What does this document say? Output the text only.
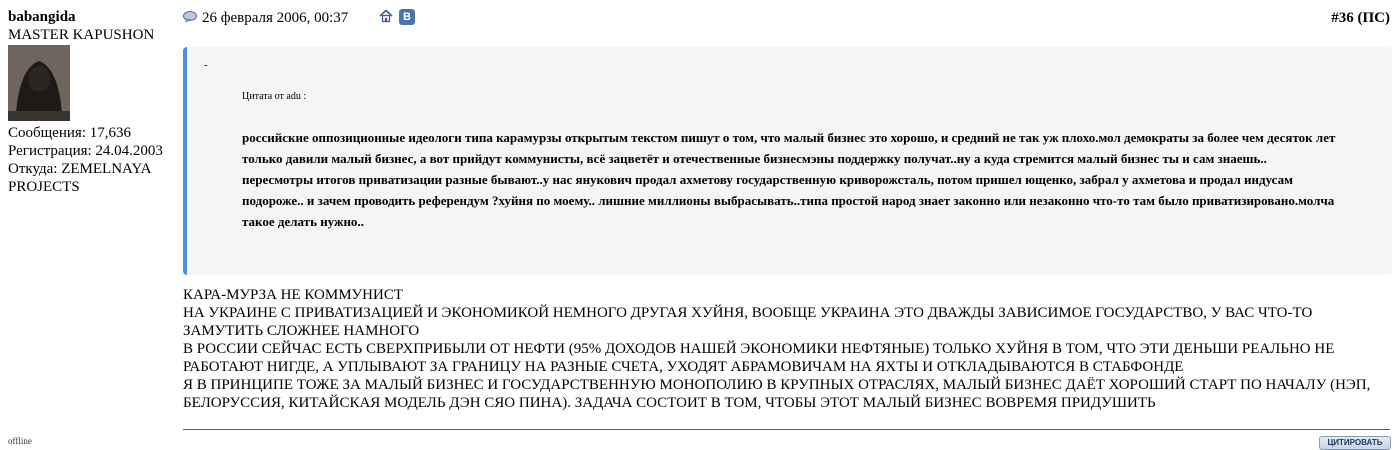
babangida
MASTER KAPUSHON
Сообщения: 17,636
Регистрация: 24.04.2003
Откуда: ZEMELNAYA PROJECTS
offline
26 февраля 2006, 00:37	В	#36 (ПС)
-
Цитата от adu :

российские оппозиционные идеологи типа карамурзы открытым текстом пишут о том, что малый бизнес это хорошо, и средний не так уж плохо.мол демократы за более чем десяток лет только давили малый бизнес, а вот прийдут коммунисты, всё зацветёт и отечественные бизнесмэны поддержку получат..ну а куда стремится малый бизнес ты и сам знаешь..

пересмотры итогов приватизации разные бывают..у нас янукович продал ахметову государственную криворожсталь, потом пришел ющенко, забрал у ахметова и продал индусам подороже.. и зачем проводить референдум ?хуйня по моему.. лишние миллионы выбрасывать..типа простой народ знает законно или незаконно что-то там было приватизировано.молча такое делать нужно..

КАРА-МУРЗА НЕ КОММУНИСТ

НА УКРАИНЕ С ПРИВАТИЗАЦИЕЙ И ЭКОНОМИКОЙ НЕМНОГО ДРУГАЯ ХУЙНЯ, ВООБЩЕ УКРАИНА ЭТО ДВАЖДЫ ЗАВИСИМОЕ ГОСУДАРСТВО, У ВАС ЧТО-ТО ЗАМУТИТЬ СЛОЖНЕЕ НАМНОГО

В РОССИИ СЕЙЧАС ЕСТЬ СВЕРХПРИБЫЛИ ОТ НЕФТИ (95% ДОХОДОВ НАШЕЙ ЭКОНОМИКИ НЕФТЯНЫЕ) ТОЛЬКО ХУЙНЯ В ТОМ, ЧТО ЭТИ ДЕНЬШИ РЕАЛЬНО НЕ РАБОТАЮТ НИГДЕ, А УПЛЫВАЮТ ЗА ГРАНИЦУ НА РАЗНЫЕ СЧЕТА, УХОДЯТ АБРАМОВИЧАМ НА ЯХТЫ И ОТКЛАДЫВАЮТСЯ В СТАБФОНДЕ

Я В ПРИНЦИПЕ ТОЖЕ ЗА МАЛЫЙ БИЗНЕС И ГОСУДАРСТВЕННУЮ МОНОПОЛИЮ В КРУПНЫХ ОТРАСЛЯХ, МАЛЫЙ БИЗНЕС ДАЁТ ХОРОШИЙ СТАРТ ПО НАЧАЛУ (НЭП, БЕЛОРУССИЯ, КИТАЙСКАЯ МОДЕЛЬ ДЭН СЯО ПИНА). ЗАДАЧА СОСТОИТ В ТОМ, ЧТОБЫ ЭТОТ МАЛЫЙ БИЗНЕС ВОВРЕМЯ ПРИДУШИТЬ

ЦИТИРОВАТЬ
